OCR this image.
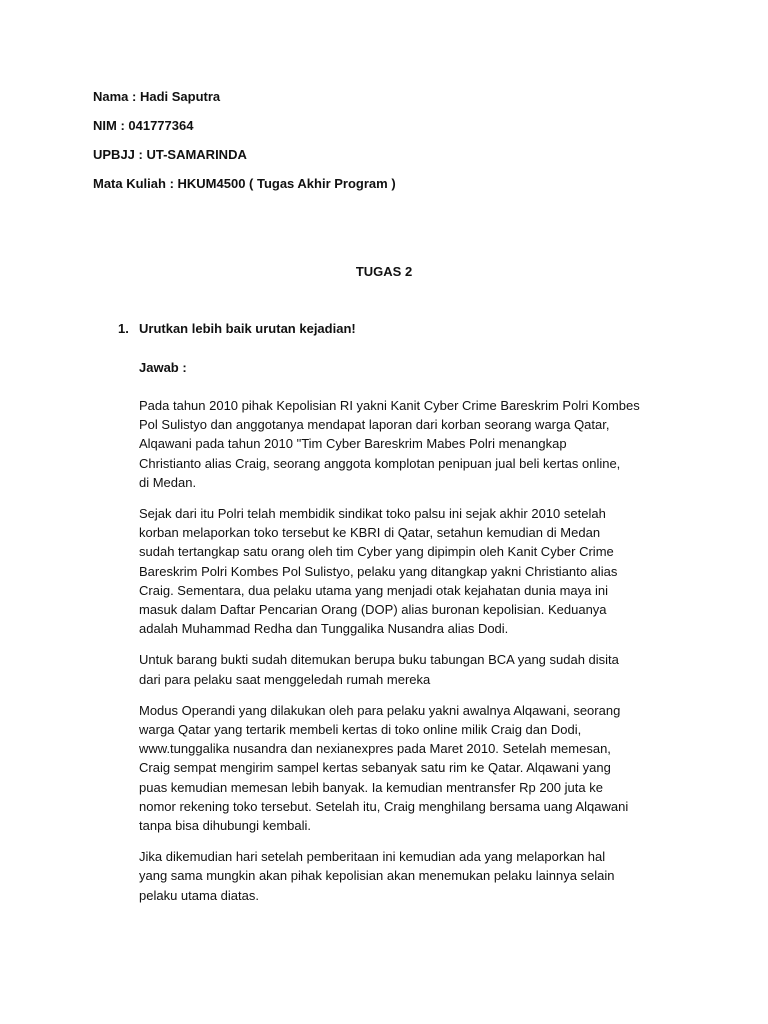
Nama : Hadi Saputra
NIM : 041777364
UPBJJ : UT-SAMARINDA
Mata Kuliah : HKUM4500 ( Tugas Akhir Program )
TUGAS 2
1. Urutkan lebih baik urutan kejadian!
Jawab :
Pada tahun 2010 pihak Kepolisian RI yakni Kanit Cyber Crime Bareskrim Polri Kombes
Pol Sulistyo dan anggotanya mendapat laporan dari korban seorang warga Qatar,
Alqawani pada tahun 2010 "Tim Cyber Bareskrim Mabes Polri menangkap
Christianto alias Craig, seorang anggota komplotan penipuan jual beli kertas online,
di Medan.
Sejak dari itu Polri telah membidik sindikat toko palsu ini sejak akhir 2010 setelah
korban melaporkan toko tersebut ke KBRI di Qatar, setahun kemudian di Medan
sudah tertangkap satu orang oleh tim Cyber yang dipimpin oleh Kanit Cyber Crime
Bareskrim Polri Kombes Pol Sulistyo, pelaku yang ditangkap yakni Christianto alias
Craig. Sementara, dua pelaku utama yang menjadi otak kejahatan dunia maya ini
masuk dalam Daftar Pencarian Orang (DOP) alias buronan kepolisian. Keduanya
adalah Muhammad Redha dan Tunggalika Nusandra alias Dodi.
Untuk barang bukti sudah ditemukan berupa buku tabungan BCA yang sudah disita
dari para pelaku saat menggeledah rumah mereka
Modus Operandi yang dilakukan oleh para pelaku yakni awalnya Alqawani, seorang
warga Qatar yang tertarik membeli kertas di toko online milik Craig dan Dodi,
www.tunggalika nusandra dan nexianexpres pada Maret 2010. Setelah memesan,
Craig sempat mengirim sampel kertas sebanyak satu rim ke Qatar. Alqawani yang
puas kemudian memesan lebih banyak. Ia kemudian mentransfer Rp 200 juta ke
nomor rekening toko tersebut. Setelah itu, Craig menghilang bersama uang Alqawani
tanpa bisa dihubungi kembali.
Jika dikemudian hari setelah pemberitaan ini kemudian ada yang melaporkan hal
yang sama mungkin akan pihak kepolisian akan menemukan pelaku lainnya selain
pelaku utama diatas.
